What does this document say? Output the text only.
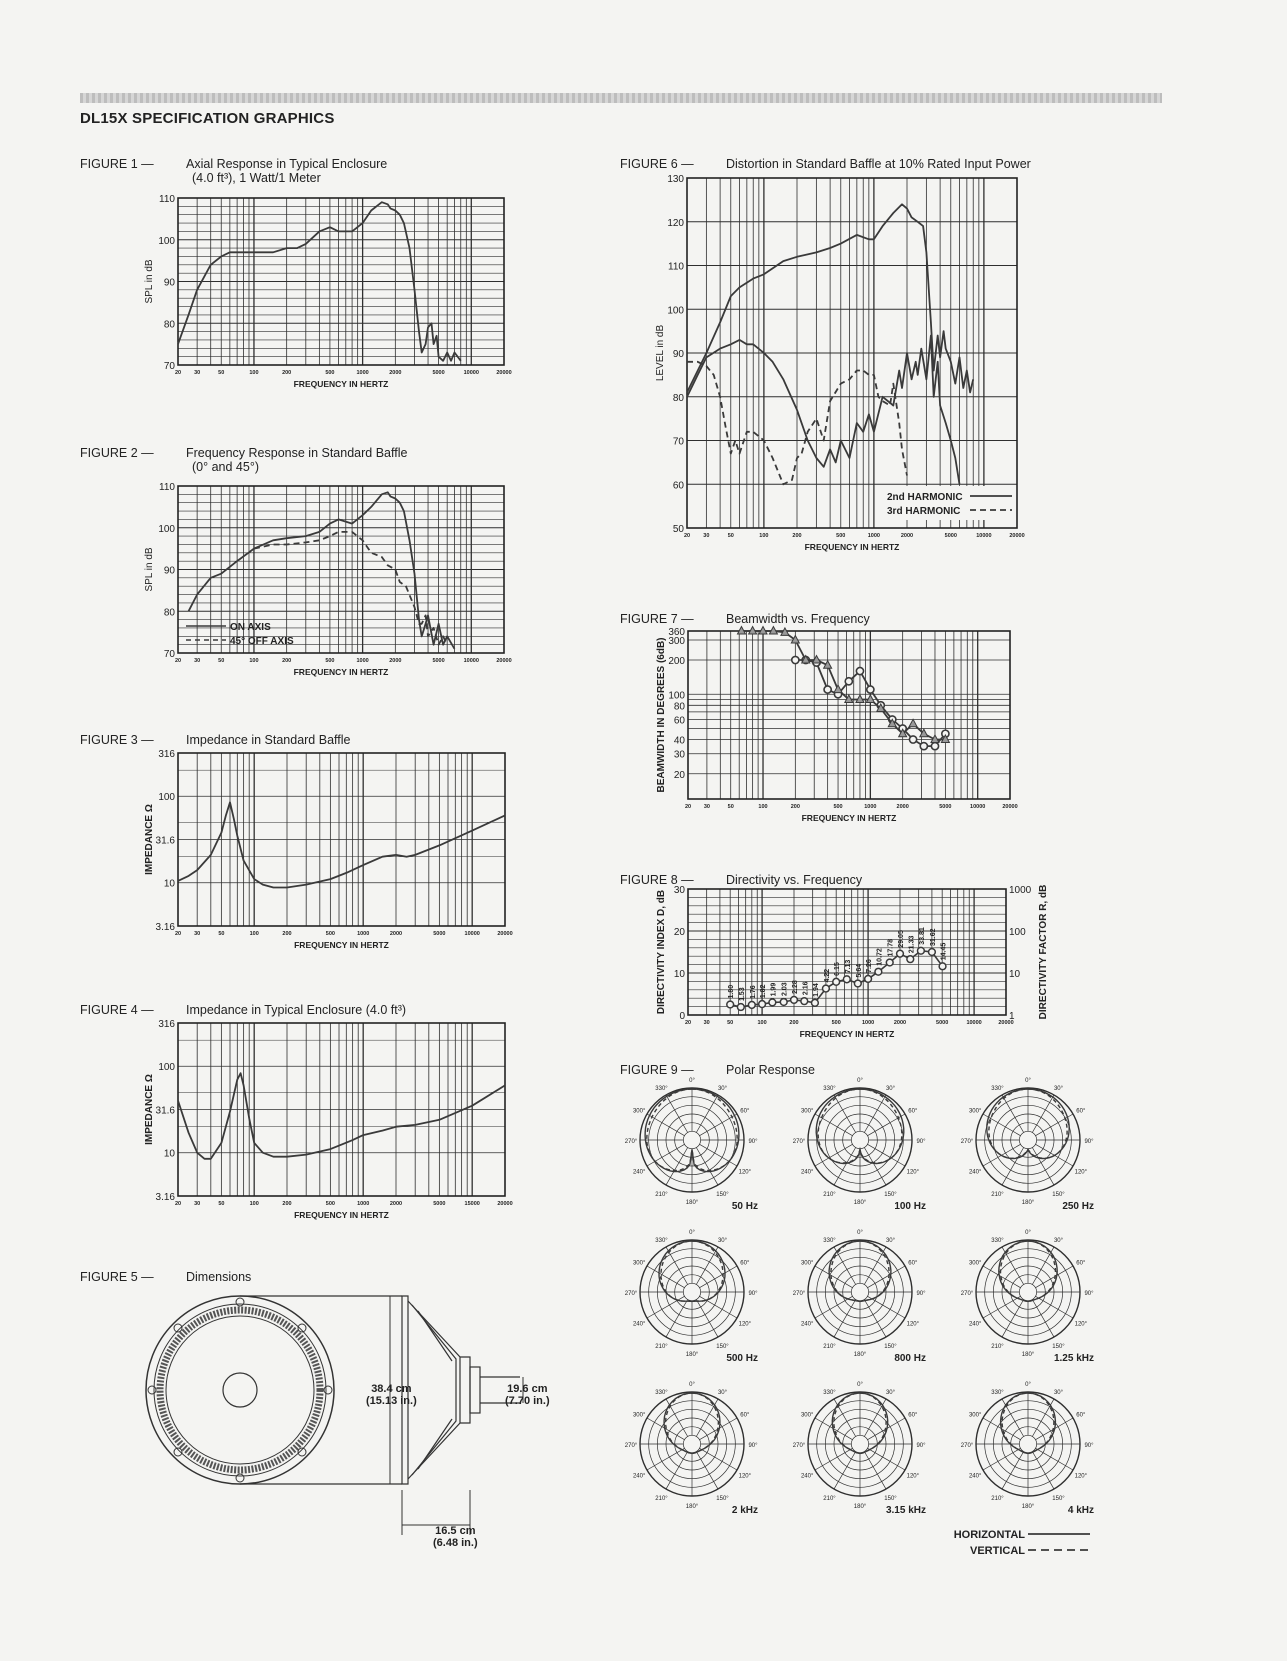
DL15X SPECIFICATION GRAPHICS
FIGURE 1 —	Axial Response in Typical Enclosure
(4.0 ft³), 1 Watt/1 Meter
FIGURE 2 —	Frequency Response in Standard Baffle
(0° and 45°)
FIGURE 3 —	Impedance in Standard Baffle
FIGURE 4 —	Impedance in Typical Enclosure (4.0 ft³)
FIGURE 5 —	Dimensions
FIGURE 6 —	Distortion in Standard Baffle at 10% Rated Input Power
FIGURE 7 —	Beamwidth vs. Frequency
FIGURE 8 —	Directivity vs. Frequency
FIGURE 9 —	Polar Response
70
80
90
100
110
20 30	50	100	200	500	1000	2000	5000	10000	20000
FREQUENCY IN HERTZ
SPL in dB
70
80
90
100
110
20 30	50	100	200	500	1000	2000	5000	10000	20000
FREQUENCY IN HERTZ
SPL in dB
ON AXIS
45° OFF AXIS
3.16
10
31.6
100
316
20 30	50	100	200	500	1000	2000	5000	10000	20000
FREQUENCY IN HERTZ
IMPEDANCE Ω
3.16
10
31.6
100
316
20 30	50	100	200	500	1000	2000	5000	15000	20000
FREQUENCY IN HERTZ
IMPEDANCE Ω
50
60
70
80
90
100
110
120
130
20 30	50	100	200	500	1000	2000	5000	10000	20000
FREQUENCY IN HERTZ
LEVEL in dB
2nd HARMONIC
3rd HARMONIC
20
30
40
60
80
100
200
300
360
20 30	50	100	200	500	1000	2000	5000	10000	20000
FREQUENCY IN HERTZ
BEAMWIDTH IN DEGREES (6dB)
0
10
20
30
1
10
100
1000 DIRECTIVITY FACTOR R, dB
20 30	50	100	200	500	1000	2000	5000	10000	20000
FREQUENCY IN HERTZ
DIRECTIVITY INDEX D, dB	1.80 1.53 1.76 1.82 1.99 2.03 2.28 2.16 1.94
4.22 6.15 7.13 5.64 7.26
10.72
17.78
29.05 21.33 33.81 31.62
14.45
38.4 cm
(15.13 in.)
19.6 cm
(7.70 in.)
16.5 cm
(6.48 in.)
0°
30°
60°
90°
120°
150°
180°
210°
240°
270°
300°
330°
50 Hz
0°
30°
60°
90°
120°
150°
180°
210°
240°
270°
300°
330°
100 Hz
0°
30°
60°
90°
120°
150°
180°
210°
240°
270°
300°
330°
250 Hz
0°
30°
60°
90°
120°
150°
180°
210°
240°
270°
300°
330°
500 Hz
0°
30°
60°
90°
120°
150°
180°
210°
240°
270°
300°
330°
800 Hz
0°
30°
60°
90°
120°
150°
180°
210°
240°
270°
300°
330°
1.25 kHz
0°
30°
60°
90°
120°
150°
180°
210°
240°
270°
300°
330°
2 kHz
0°
30°
60°
90°
120°
150°
180°
210°
240°
270°
300°
330°
3.15 kHz
0°
30°
60°
90°
120°
150°
180°
210°
240°
270°
300°
330°
4 kHz
HORIZONTAL
VERTICAL
